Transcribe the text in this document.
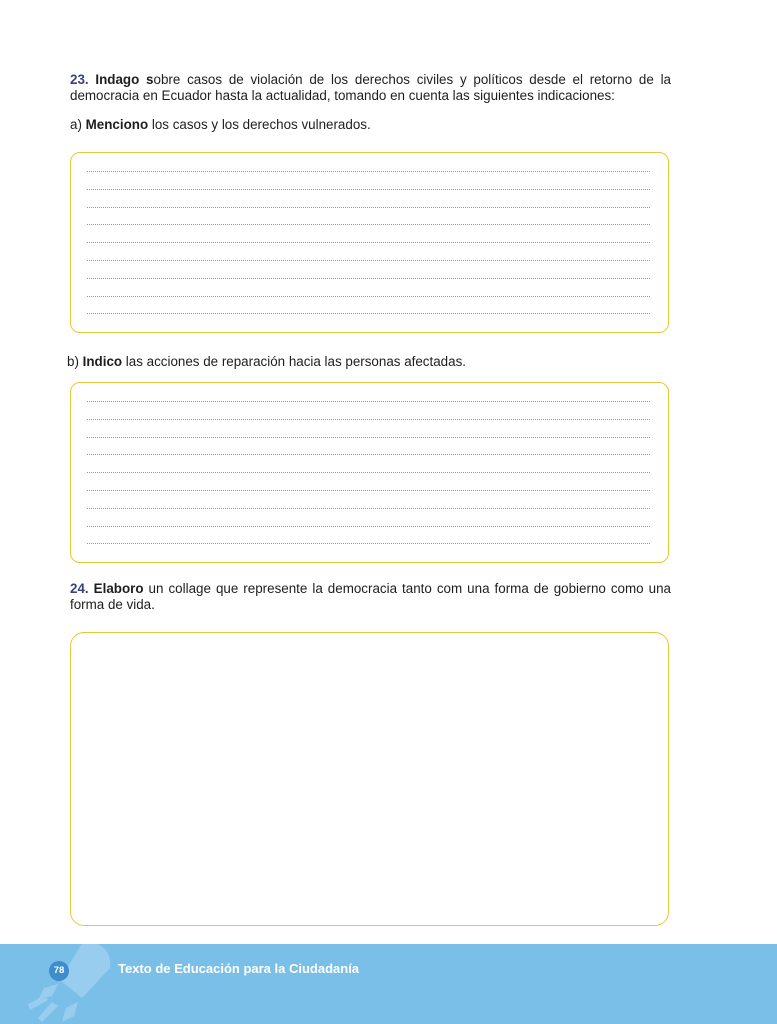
23. Indago sobre casos de violación de los derechos civiles y políticos desde el retorno de la democracia en Ecuador hasta la actualidad, tomando en cuenta las siguientes indicaciones:
a) Menciono los casos y los derechos vulnerados.
b) Indico las acciones de reparación hacia las personas afectadas.
24. Elaboro un collage que represente la democracia tanto com una forma de gobierno como una forma de vida.
78	Texto de Educación para la Ciudadanía
